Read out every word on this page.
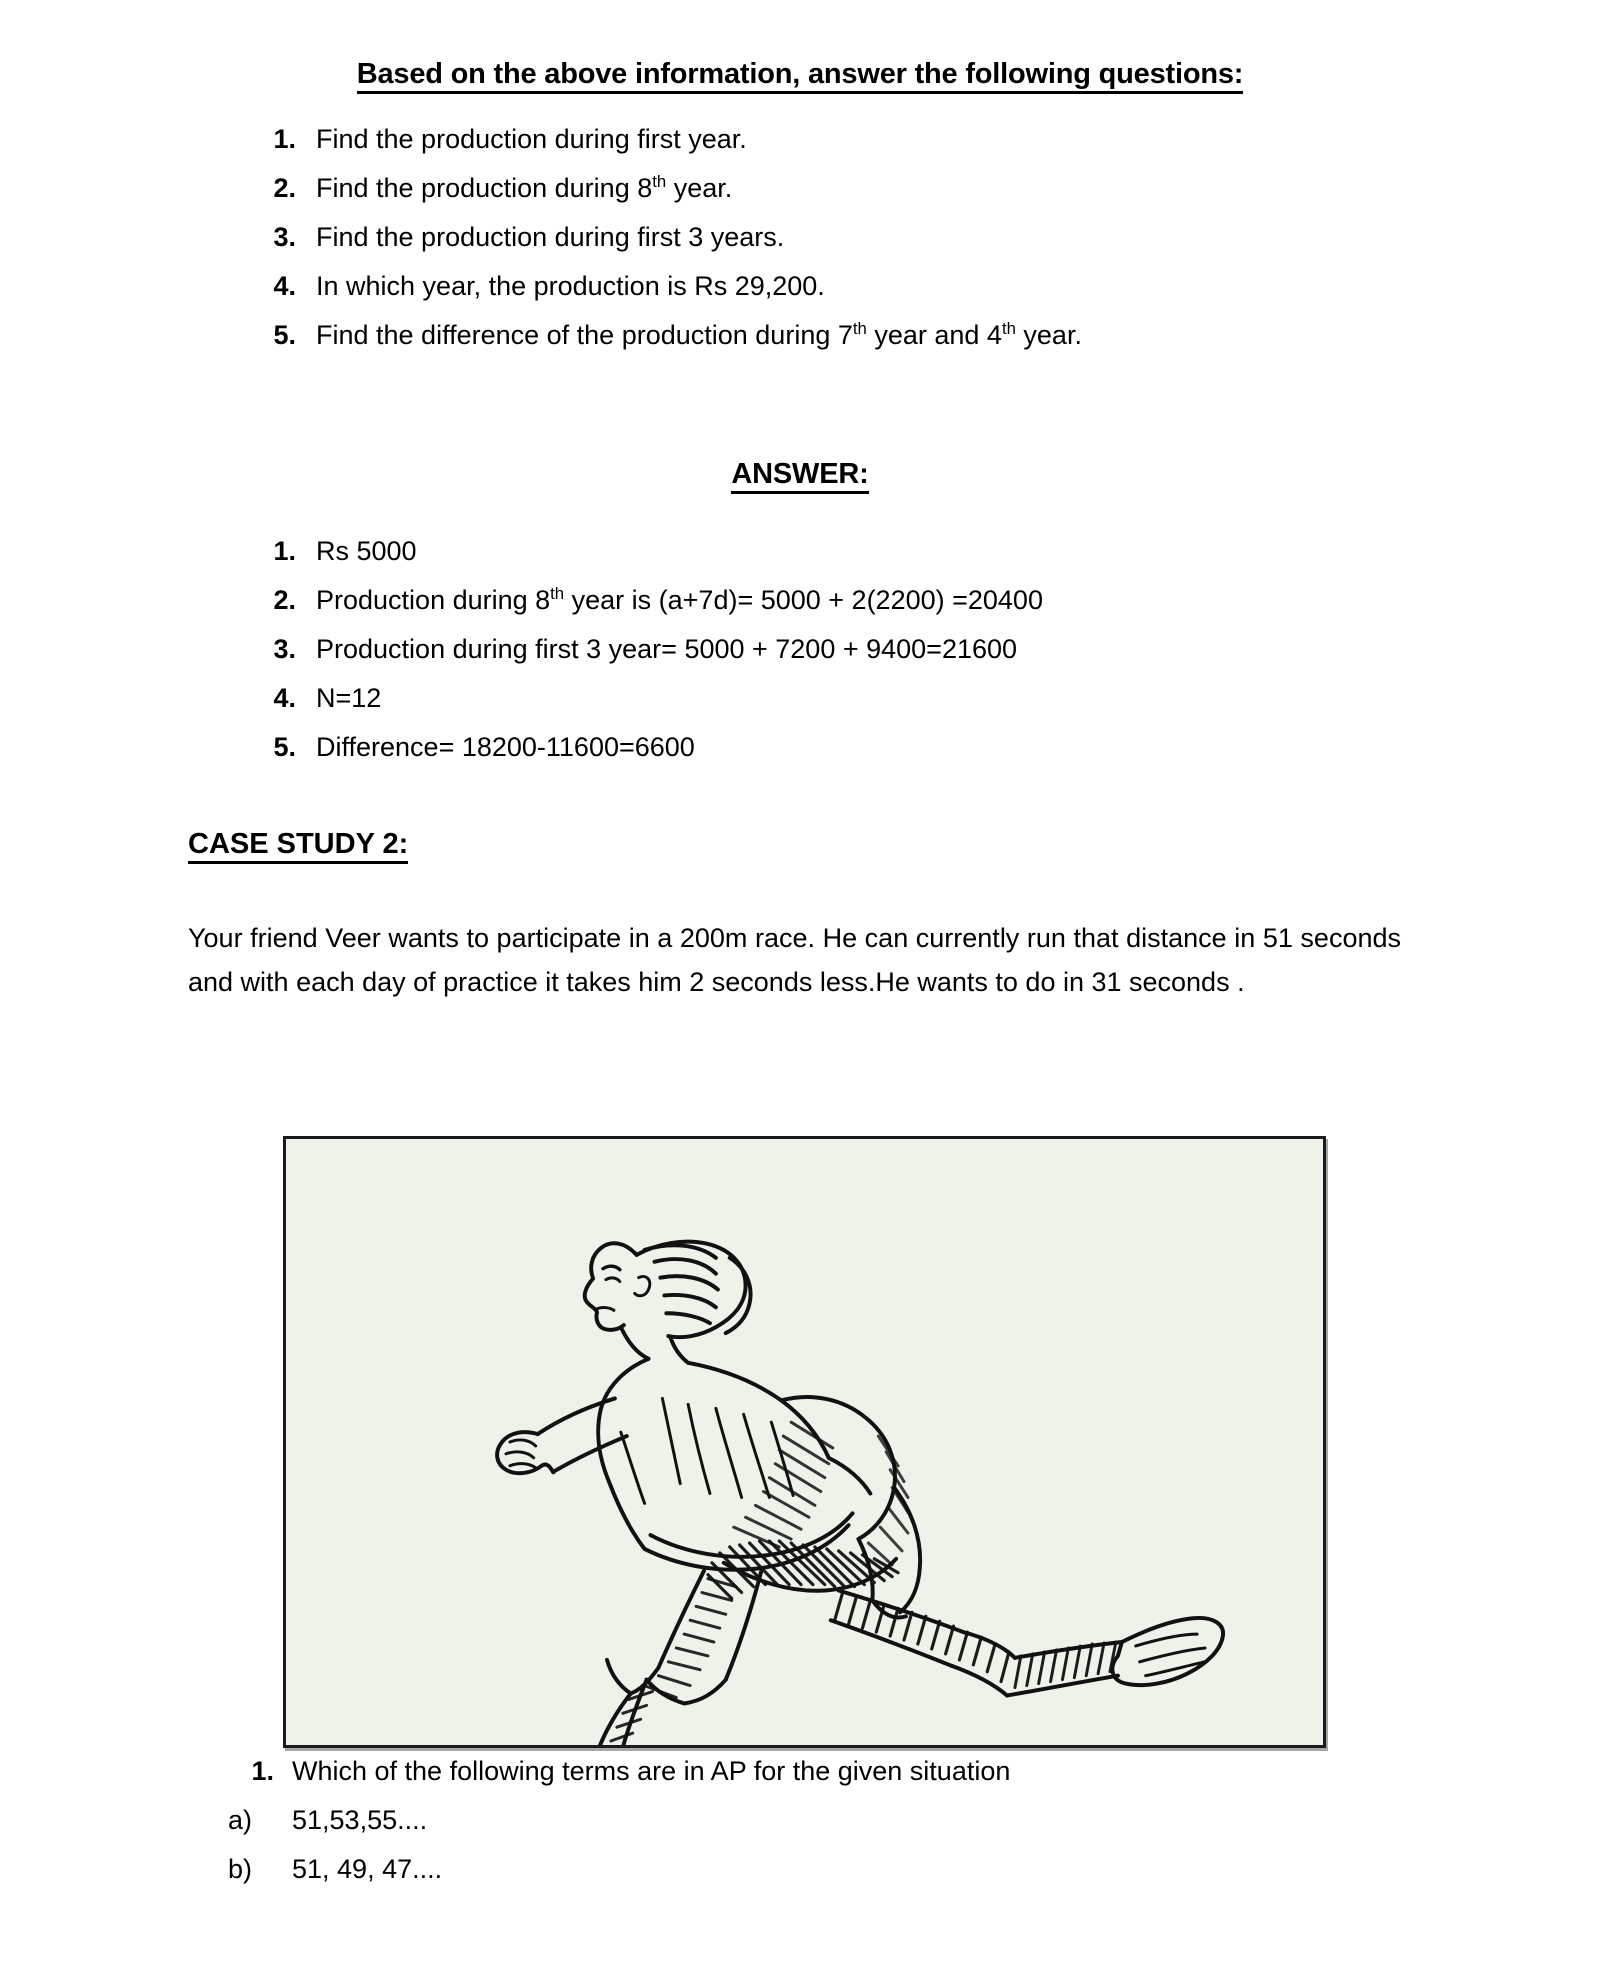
Based on the above information, answer the following questions:
1. Find the production during first year.
2. Find the production during 8th year.
3. Find the production during first 3 years.
4. In which year, the production is Rs 29,200.
5. Find the difference of the production during 7th year and 4th year.
ANSWER:
1. Rs 5000
2. Production during 8th year is (a+7d)= 5000 + 2(2200) =20400
3. Production during first 3 year= 5000 + 7200 + 9400=21600
4. N=12
5. Difference= 18200-11600=6600
CASE STUDY 2:
Your friend Veer wants to participate in a 200m race. He can currently run that distance in 51 seconds and with each day of practice it takes him 2 seconds less.He wants to do in 31 seconds .
1. Which of the following terms are in AP for the given situation
a)	51,53,55....
b)	51, 49, 47....
